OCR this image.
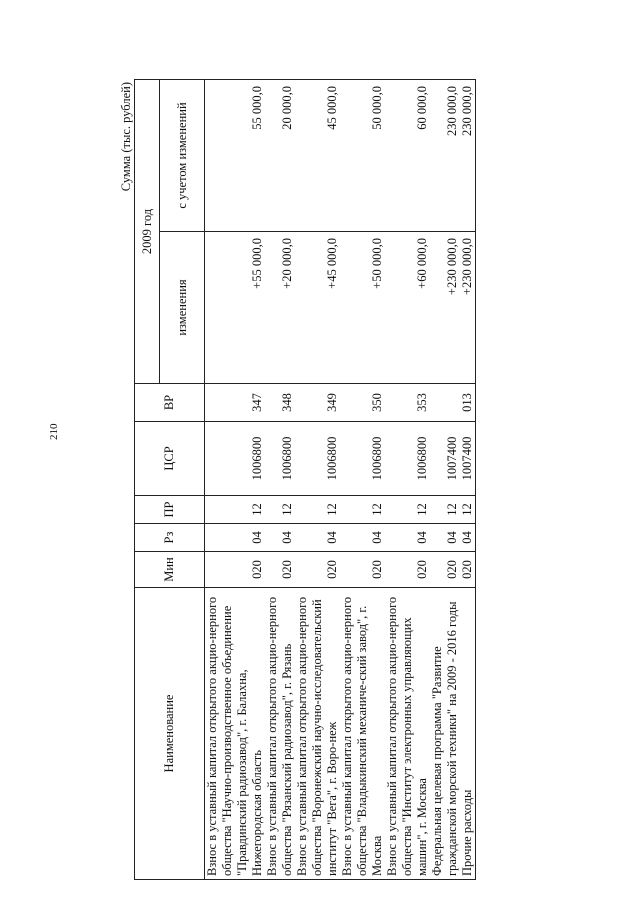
210
Сумма (тыс. рублей)
Наименование	Мин	Рз	ПР	ЦСР	ВР	2009 год	
						изменения	с учетом изменений
Взнос в уставный капитал открытого акцио-нерного общества "Научно-производственное объединение "Правдинский радиозавод", г. Балахна, Нижегородская область	020	04	12	1006800	347	+55 000,0	55 000,0
Взнос в уставный капитал открытого акцио-нерного общества "Рязанский радиозавод", г. Рязань	020	04	12	1006800	348	+20 000,0	20 000,0
Взнос в уставный капитал открытого акцио-нерного общества "Воронежский научно-исследовательский институт "Вега", г. Воро-неж	020	04	12	1006800	349	+45 000,0	45 000,0
Взнос в уставный капитал открытого акцио-нерного общества "Владыкинский механиче-ский завод", г. Москва	020	04	12	1006800	350	+50 000,0	50 000,0
Взнос в уставный капитал открытого акцио-нерного общества "Институт электронных управляющих машин", г. Москва	020	04	12	1006800	353	+60 000,0	60 000,0
Федеральная целевая программа "Развитие гражданской морской техники" на 2009 - 2016 годы	020	04	12	1007400		+230 000,0	230 000,0
Прочие расходы	020	04	12	1007400	013	+230 000,0	230 000,0
